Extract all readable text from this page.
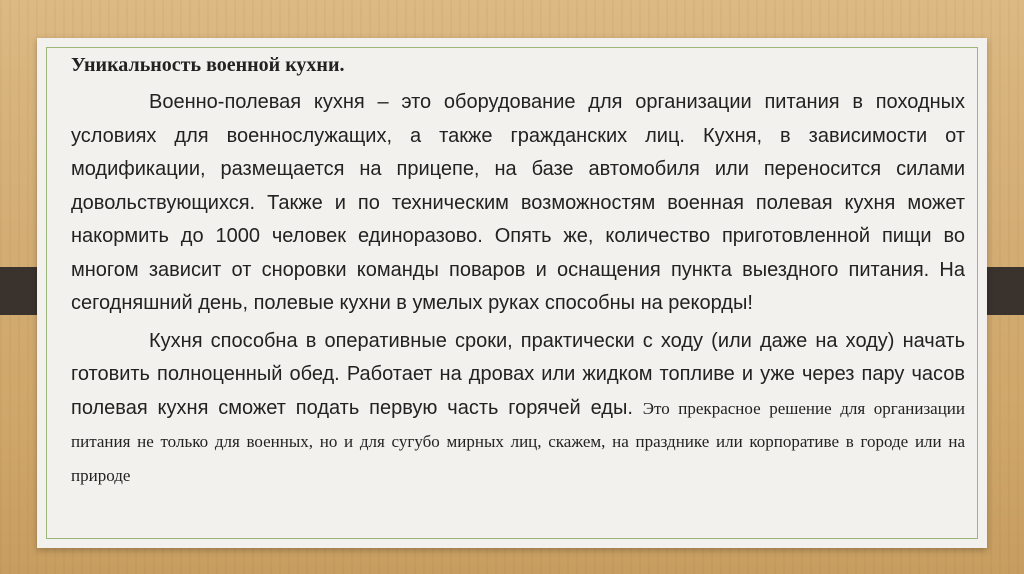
Уникальность военной кухни.

Военно-полевая кухня – это оборудование для организации питания в походных условиях для военнослужащих, а также гражданских лиц. Кухня, в зависимости от модификации, размещается на прицепе, на базе автомобиля или переносится силами довольствующихся. Также и по техническим возможностям военная полевая кухня может накормить до 1000 человек единоразово. Опять же, количество приготовленной пищи во многом зависит от сноровки команды поваров и оснащения пункта выездного питания. На сегодняшний день, полевые кухни в умелых руках способны на рекорды!

Кухня способна в оперативные сроки, практически с ходу (или даже на ходу) начать готовить полноценный обед. Работает на дровах или жидком топливе и уже через пару часов полевая кухня сможет подать первую часть горячей еды. Это прекрасное решение для организации питания не только для военных, но и для сугубо мирных лиц, скажем, на празднике или корпоративе в городе или на природе
